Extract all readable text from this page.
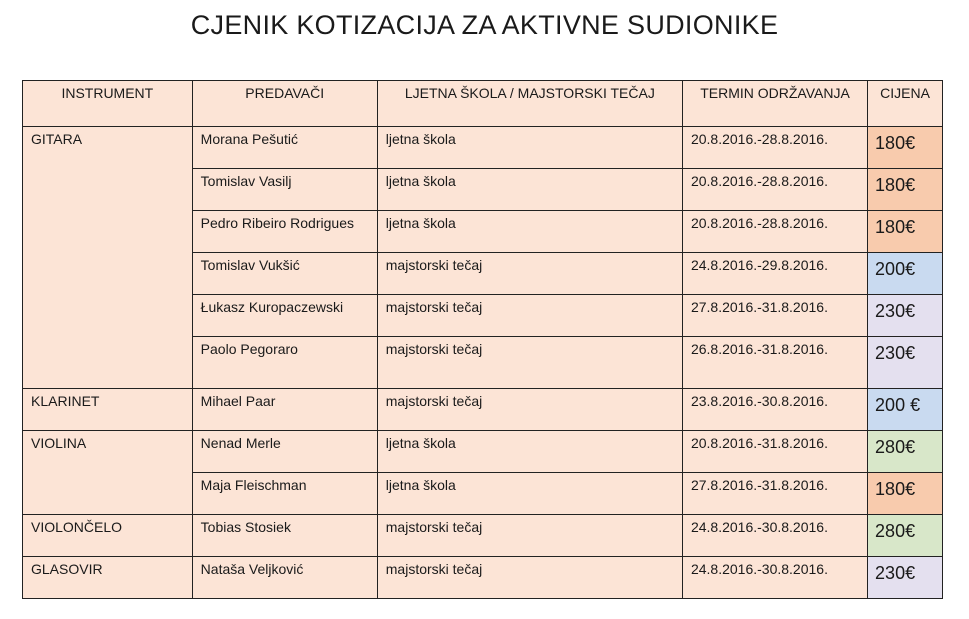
CJENIK KOTIZACIJA ZA AKTIVNE SUDIONIKE
INSTRUMENT	PREDAVAČI	LJETNA ŠKOLA / MAJSTORSKI TEČAJ	TERMIN ODRŽAVANJA	CIJENA
GITARA	Morana Pešutić	ljetna škola	20.8.2016.-28.8.2016.	180€
	Tomislav Vasilj	ljetna škola	20.8.2016.-28.8.2016.	180€
	Pedro Ribeiro Rodrigues	ljetna škola	20.8.2016.-28.8.2016.	180€
	Tomislav Vukšić	majstorski tečaj	24.8.2016.-29.8.2016.	200€
	Łukasz Kuropaczewski	majstorski tečaj	27.8.2016.-31.8.2016.	230€
	Paolo Pegoraro	majstorski tečaj	26.8.2016.-31.8.2016.	230€
KLARINET	Mihael Paar	majstorski tečaj	23.8.2016.-30.8.2016.	200 €
VIOLINA	Nenad Merle	ljetna škola	20.8.2016.-31.8.2016.	280€
	Maja Fleischman	ljetna škola	27.8.2016.-31.8.2016.	180€
VIOLONČELO	Tobias Stosiek	majstorski tečaj	24.8.2016.-30.8.2016.	280€
GLASOVIR	Nataša Veljković	majstorski tečaj	24.8.2016.-30.8.2016.	230€
